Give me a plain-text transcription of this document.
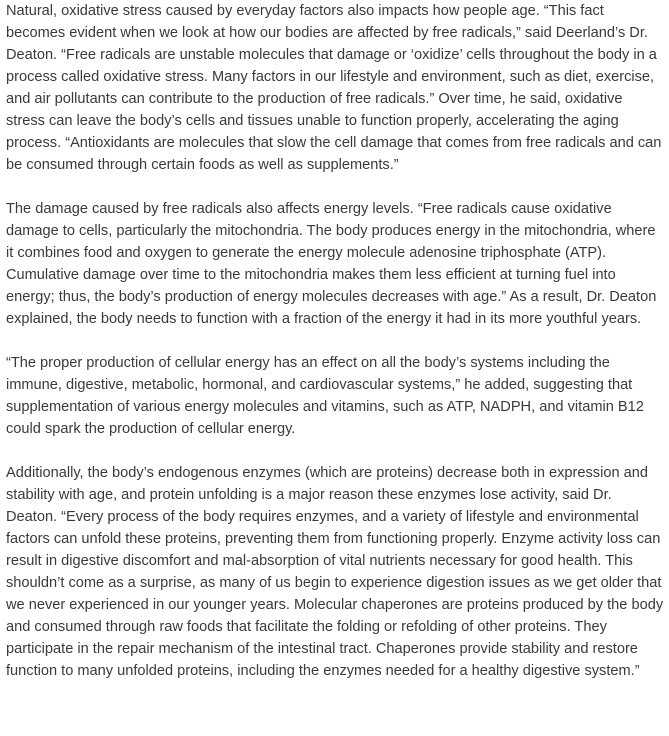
Natural, oxidative stress caused by everyday factors also impacts how people age. “This fact becomes evident when we look at how our bodies are affected by free radicals,” said Deerland’s Dr. Deaton. “Free radicals are unstable molecules that damage or ‘oxidize’ cells throughout the body in a process called oxidative stress. Many factors in our lifestyle and environment, such as diet, exercise, and air pollutants can contribute to the production of free radicals.” Over time, he said, oxidative stress can leave the body’s cells and tissues unable to function properly, accelerating the aging process. “Antioxidants are molecules that slow the cell damage that comes from free radicals and can be consumed through certain foods as well as supplements.”

The damage caused by free radicals also affects energy levels. “Free radicals cause oxidative damage to cells, particularly the mitochondria. The body produces energy in the mitochondria, where it combines food and oxygen to generate the energy molecule adenosine triphosphate (ATP). Cumulative damage over time to the mitochondria makes them less efficient at turning fuel into energy; thus, the body’s production of energy molecules decreases with age.” As a result, Dr. Deaton explained, the body needs to function with a fraction of the energy it had in its more youthful years.

“The proper production of cellular energy has an effect on all the body’s systems including the immune, digestive, metabolic, hormonal, and cardiovascular systems,” he added, suggesting that supplementation of various energy molecules and vitamins, such as ATP, NADPH, and vitamin B12 could spark the production of cellular energy.

Additionally, the body’s endogenous enzymes (which are proteins) decrease both in expression and stability with age, and protein unfolding is a major reason these enzymes lose activity, said Dr. Deaton. “Every process of the body requires enzymes, and a variety of lifestyle and environmental factors can unfold these proteins, preventing them from functioning properly. Enzyme activity loss can result in digestive discomfort and mal-absorption of vital nutrients necessary for good health. This shouldn’t come as a surprise, as many of us begin to experience digestion issues as we get older that we never experienced in our younger years. Molecular chaperones are proteins produced by the body and consumed through raw foods that facilitate the folding or refolding of other proteins. They participate in the repair mechanism of the intestinal tract. Chaperones provide stability and restore function to many unfolded proteins, including the enzymes needed for a healthy digestive system.”
